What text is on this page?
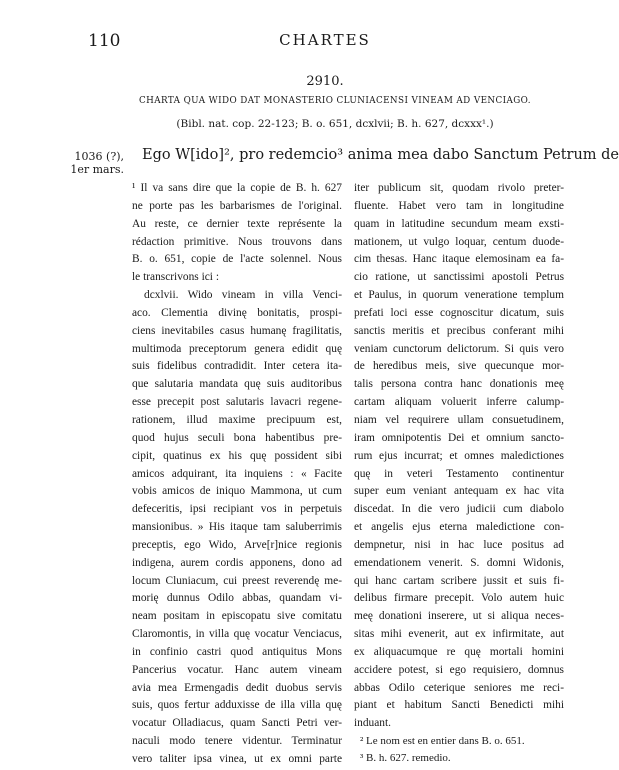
110	CHARTES
2910.
CHARTA QUA WIDO DAT MONASTERIO CLUNIACENSI VINEAM AD VENCIAGO.
(Bibl. nat. cop. 22-123; B. o. 651, dcxlvii; B. h. 627, dcxxx¹.)
1036 (?),
1er mars.
Ego W[ido]², pro redemcio³ anima mea dabo Sanctum Petrum de
¹ Il va sans dire que la copie de B. h. 627
ne porte pas les barbarismes de l'original.
Au reste, ce dernier texte représente la
rédaction primitive. Nous trouvons dans
B. o. 651, copie de l'acte solennel. Nous
le transcrivons ici :
dcxlvii. Wido vineam in villa Venci-
aco. Clementia divinę bonitatis, prospi-
ciens inevitabiles casus humanę fragilitatis,
multimoda preceptorum genera edidit quę
suis fidelibus contradidit. Inter cetera ita-
que salutaria mandata quę suis auditoribus
esse precepit post salutaris lavacri regene-
rationem, illud maxime precipuum est,
quod hujus seculi bona habentibus pre-
cipit, quatinus ex his quę possident sibi
amicos adquirant, ita inquiens : « Facite
vobis amicos de iniquo Mammona, ut cum
defeceritis, ipsi recipiant vos in perpetuis
mansionibus. » His itaque tam saluberrimis
preceptis, ego Wido, Arve[r]nice regionis
indigena, aurem cordis apponens, dono ad
locum Cluniacum, cui preest reverendę me-
morię dunnus Odilo abbas, quandam vi-
neam positam in episcopatu sive comitatu
Claromontis, in villa quę vocatur Venciacus,
in confinio castri quod antiquitus Mons
Pancerius vocatur. Hanc autem vineam
avia mea Ermengadis dedit duobus servis
suis, quos fertur adduxisse de illa villa quę
vocatur Olladiacus, quam Sancti Petri ver-
naculi modo tenere videntur. Terminatur
vero taliter ipsa vinea, ut ex omni parte
iter publicum sit, quodam rivolo preter-
fluente. Habet vero tam in longitudine
quam in latitudine secundum meam exsti-
mationem, ut vulgo loquar, centum duode-
cim thesas. Hanc itaque elemosinam ea fa-
cio ratione, ut sanctissimi apostoli Petrus
et Paulus, in quorum veneratione templum
prefati loci esse cognoscitur dicatum, suis
sanctis meritis et precibus conferant mihi
veniam cunctorum delictorum. Si quis vero
de heredibus meis, sive quecunque mor-
talis persona contra hanc donationis meę
cartam aliquam voluerit inferre calump-
niam vel requirere ullam consuetudinem,
iram omnipotentis Dei et omnium sancto-
rum ejus incurrat; et omnes maledictiones
quę in veteri Testamento continentur
super eum veniant antequam ex hac vita
discedat. In die vero judicii cum diabolo
et angelis ejus eterna maledictione con-
dempnetur, nisi in hac luce positus ad
emendationem venerit. S. domni Widonis,
qui hanc cartam scribere jussit et suis fi-
delibus firmare precepit. Volo autem huic
meę donationi inserere, ut si aliqua neces-
sitas mihi evenerit, aut ex infirmitate, aut
ex aliquacumque re quę mortali homini
accidere potest, si ego requisiero, domnus
abbas Odilo ceterique seniores me reci-
piant et habitum Sancti Benedicti mihi
induant.
² Le nom est en entier dans B. o. 651.
³ B. h. 627. remedio.
